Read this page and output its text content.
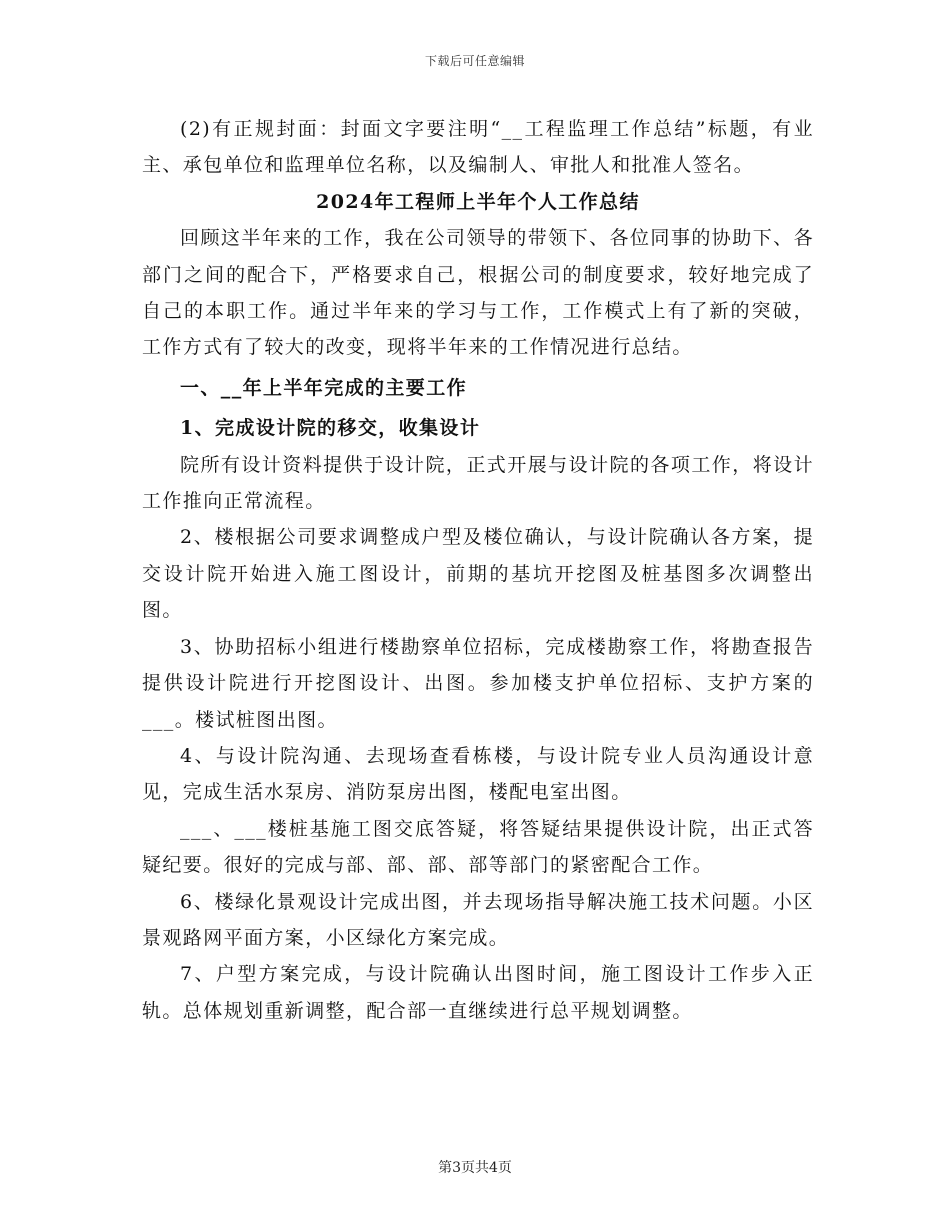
下载后可任意编辑

(2)有正规封面：封面文字要注明“__工程监理工作总结”标题，有业主、承包单位和监理单位名称，以及编制人、审批人和批准人签名。

2024年工程师上半年个人工作总结

回顾这半年来的工作，我在公司领导的带领下、各位同事的协助下、各部门之间的配合下，严格要求自己，根据公司的制度要求，较好地完成了自己的本职工作。通过半年来的学习与工作，工作模式上有了新的突破，工作方式有了较大的改变，现将半年来的工作情况进行总结。

一、__年上半年完成的主要工作

1、完成设计院的移交，收集设计

院所有设计资料提供于设计院，正式开展与设计院的各项工作，将设计工作推向正常流程。

2、楼根据公司要求调整成户型及楼位确认，与设计院确认各方案，提交设计院开始进入施工图设计，前期的基坑开挖图及桩基图多次调整出图。

3、协助招标小组进行楼勘察单位招标，完成楼勘察工作，将勘查报告提供设计院进行开挖图设计、出图。参加楼支护单位招标、支护方案的___。楼试桩图出图。

4、与设计院沟通、去现场查看栋楼，与设计院专业人员沟通设计意见，完成生活水泵房、消防泵房出图，楼配电室出图。

___、___楼桩基施工图交底答疑，将答疑结果提供设计院，出正式答疑纪要。很好的完成与部、部、部、部等部门的紧密配合工作。

6、楼绿化景观设计完成出图，并去现场指导解决施工技术问题。小区景观路网平面方案，小区绿化方案完成。

7、户型方案完成，与设计院确认出图时间，施工图设计工作步入正轨。总体规划重新调整，配合部一直继续进行总平规划调整。

第3页共4页
